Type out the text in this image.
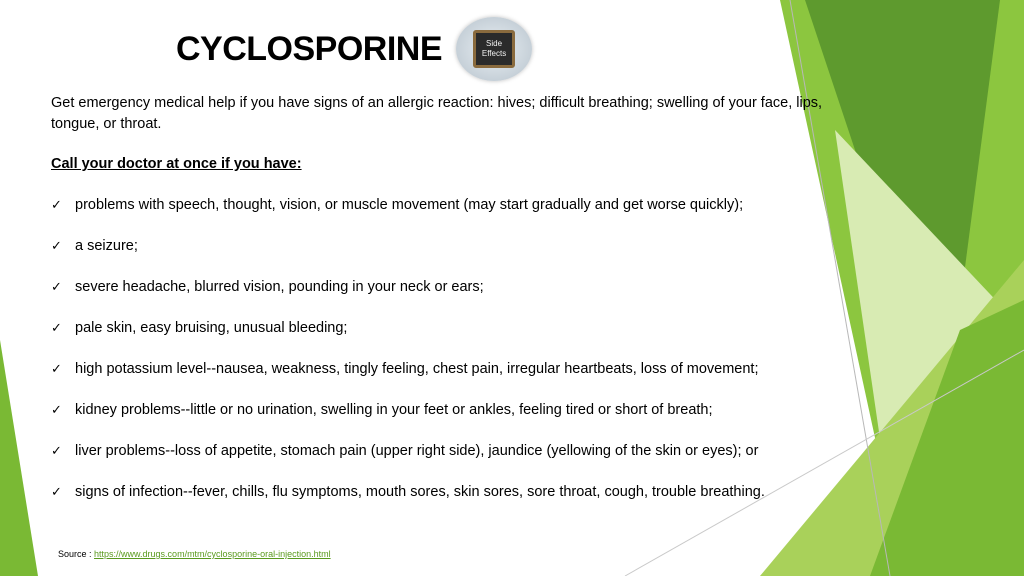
CYCLOSPORINE	Side
Effects

Get emergency medical help if you have signs of an allergic reaction: hives; difficult breathing; swelling of your face, lips, tongue, or throat.

Call your doctor at once if you have:

✓ problems with speech, thought, vision, or muscle movement (may start gradually and get worse quickly);
✓ a seizure;
✓ severe headache, blurred vision, pounding in your neck or ears;
✓ pale skin, easy bruising, unusual bleeding;
✓ high potassium level--nausea, weakness, tingly feeling, chest pain, irregular heartbeats, loss of movement;
✓ kidney problems--little or no urination, swelling in your feet or ankles, feeling tired or short of breath;
✓ liver problems--loss of appetite, stomach pain (upper right side), jaundice (yellowing of the skin or eyes); or
✓ signs of infection--fever, chills, flu symptoms, mouth sores, skin sores, sore throat, cough, trouble breathing.
Source : https://www.drugs.com/mtm/cyclosporine-oral-injection.html
